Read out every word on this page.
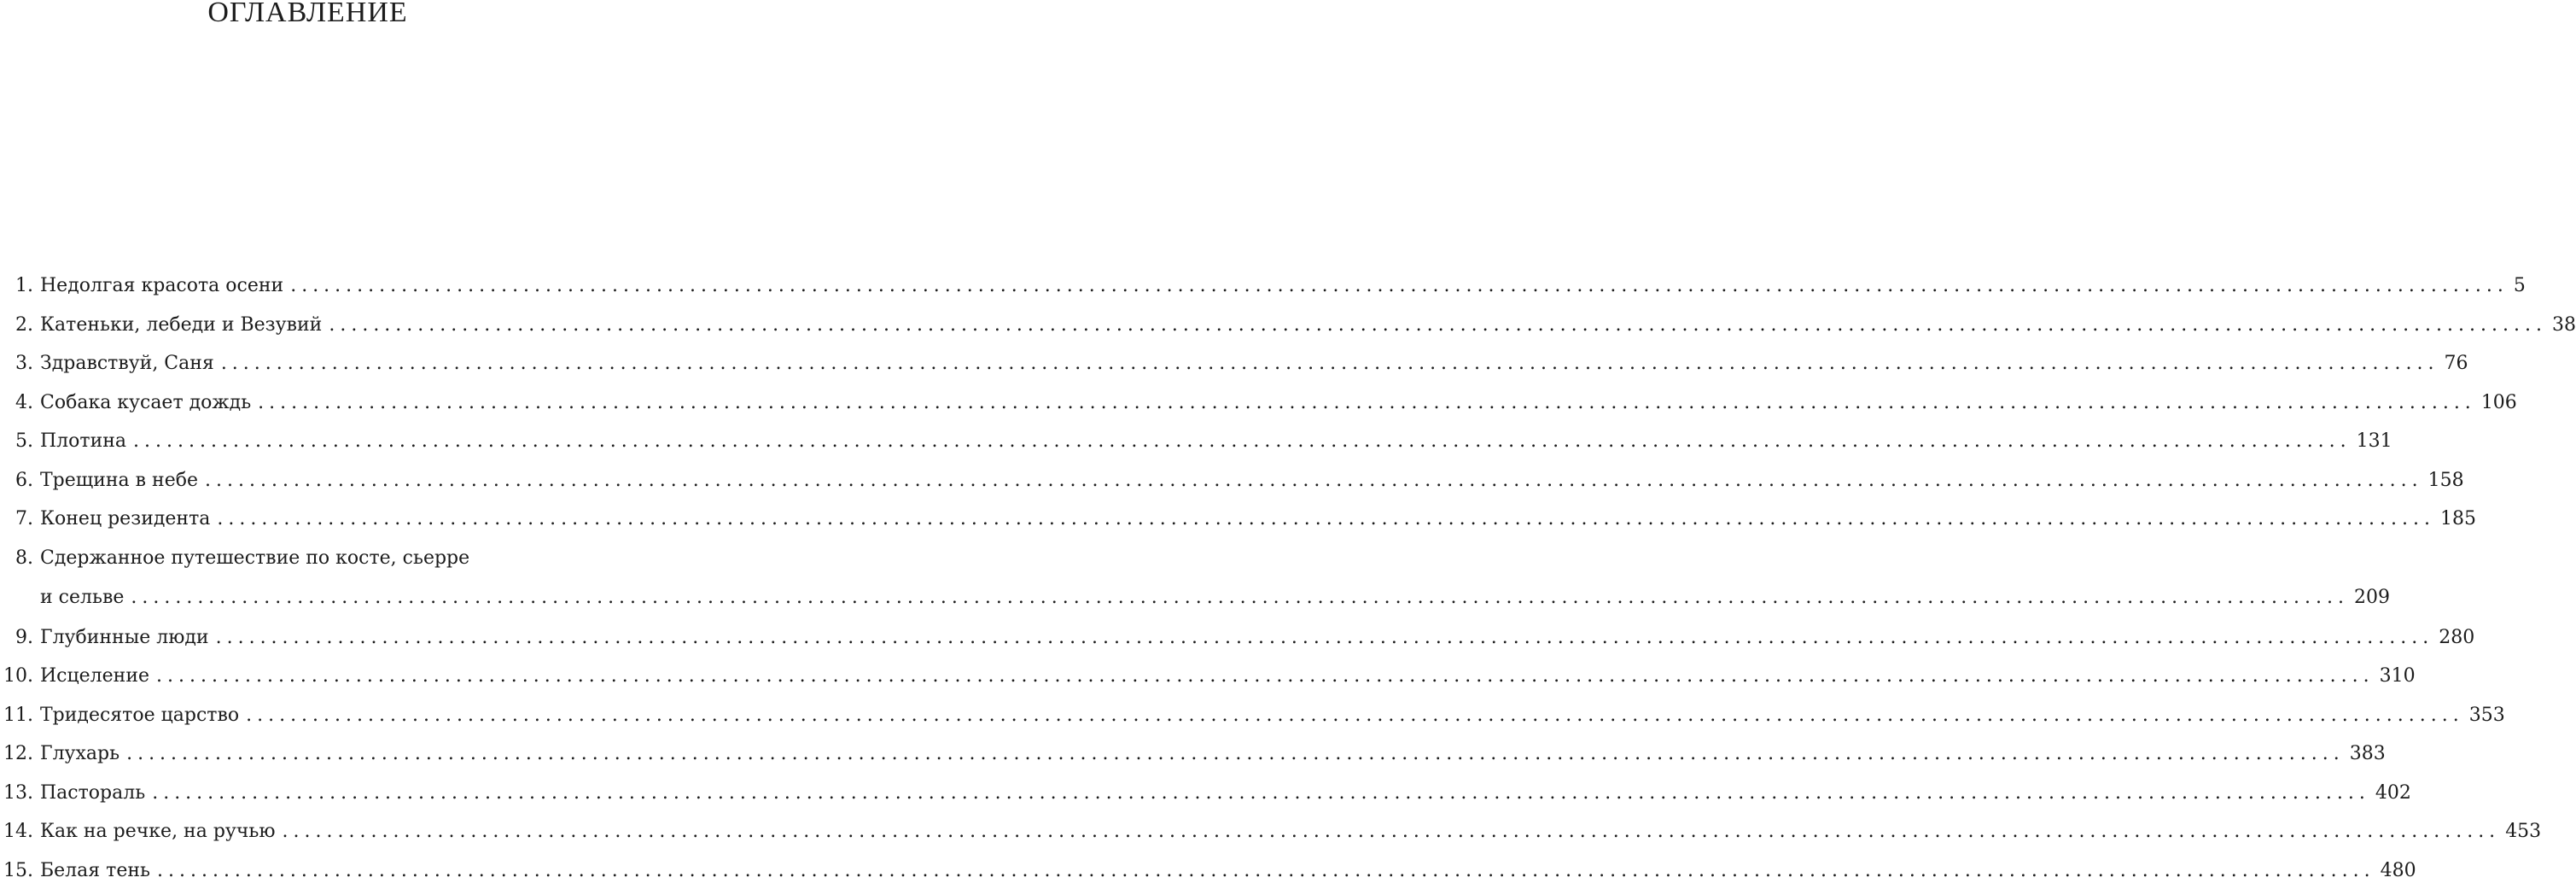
ОГЛАВЛЕНИЕ
1. Недолгая красота осени ........................................................................................................................................................................................................ 5
2. Катеньки, лебеди и Везувий ........................................................................................................................................................................................................ 38
3. Здравствуй, Саня ........................................................................................................................................................................................................ 76
4. Собака кусает дождь ........................................................................................................................................................................................................ 106
5. Плотина ........................................................................................................................................................................................................ 131
6. Трещина в небе ........................................................................................................................................................................................................ 158
7. Конец резидента ........................................................................................................................................................................................................ 185
8. Сдержанное путешествие по косте, сьерре
и сельве ........................................................................................................................................................................................................ 209
9. Глубинные люди ........................................................................................................................................................................................................ 280
10. Исцеление ........................................................................................................................................................................................................ 310
11. Тридесятое царство ........................................................................................................................................................................................................ 353
12. Глухарь ........................................................................................................................................................................................................ 383
13. Пастораль ........................................................................................................................................................................................................ 402
14. Как на речке, на ручью ........................................................................................................................................................................................................ 453
15. Белая тень ........................................................................................................................................................................................................ 480
